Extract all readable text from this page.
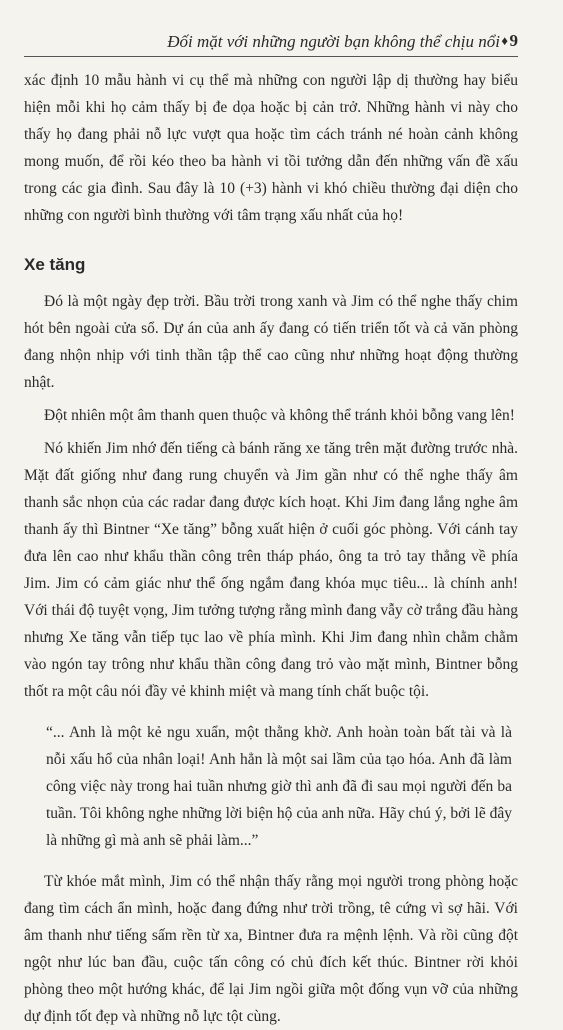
Đối mặt với những người bạn không thể chịu nổi ♦ 9

xác định 10 mẫu hành vi cụ thể mà những con người lập dị thường hay biểu hiện mỗi khi họ cảm thấy bị đe dọa hoặc bị cản trở. Những hành vi này cho thấy họ đang phải nỗ lực vượt qua hoặc tìm cách tránh né hoàn cảnh không mong muốn, để rồi kéo theo ba hành vi tồi tưởng dẫn đến những vấn đề xấu trong các gia đình. Sau đây là 10 (+3) hành vi khó chiều thường đại diện cho những con người bình thường với tâm trạng xấu nhất của họ!

Xe tăng

Đó là một ngày đẹp trời. Bầu trời trong xanh và Jim có thể nghe thấy chim hót bên ngoài cửa sổ. Dự án của anh ấy đang có tiến triển tốt và cả văn phòng đang nhộn nhịp với tinh thần tập thể cao cũng như những hoạt động thường nhật.

Đột nhiên một âm thanh quen thuộc và không thể tránh khỏi bỗng vang lên!

Nó khiến Jim nhớ đến tiếng cà bánh răng xe tăng trên mặt đường trước nhà. Mặt đất giống như đang rung chuyển và Jim gần như có thể nghe thấy âm thanh sắc nhọn của các radar đang được kích hoạt. Khi Jim đang lắng nghe âm thanh ấy thì Bintner “Xe tăng” bỗng xuất hiện ở cuối góc phòng. Với cánh tay đưa lên cao như khẩu thần công trên tháp pháo, ông ta trỏ tay thẳng về phía Jim. Jim có cảm giác như thể ống ngắm đang khóa mục tiêu... là chính anh! Với thái độ tuyệt vọng, Jim tưởng tượng rằng mình đang vẫy cờ trắng đầu hàng nhưng Xe tăng vẫn tiếp tục lao về phía mình. Khi Jim đang nhìn chằm chằm vào ngón tay trông như khẩu thần công đang trỏ vào mặt mình, Bintner bỗng thốt ra một câu nói đầy vẻ khinh miệt và mang tính chất buộc tội.

“... Anh là một kẻ ngu xuẩn, một thằng khờ. Anh hoàn toàn bất tài và là nỗi xấu hổ của nhân loại! Anh hẳn là một sai lầm của tạo hóa. Anh đã làm công việc này trong hai tuần nhưng giờ thì anh đã đi sau mọi người đến ba tuần. Tôi không nghe những lời biện hộ của anh nữa. Hãy chú ý, bởi lẽ đây là những gì mà anh sẽ phải làm...”

Từ khóe mắt mình, Jim có thể nhận thấy rằng mọi người trong phòng hoặc đang tìm cách ẩn mình, hoặc đang đứng như trời trồng, tê cứng vì sợ hãi. Với âm thanh như tiếng sấm rền từ xa, Bintner đưa ra mệnh lệnh. Và rồi cũng đột ngột như lúc ban đầu, cuộc tấn công có chủ đích kết thúc. Bintner rời khỏi phòng theo một hướng khác, để lại Jim ngồi giữa một đống vụn vỡ của những dự định tốt đẹp và những nỗ lực tột cùng.
